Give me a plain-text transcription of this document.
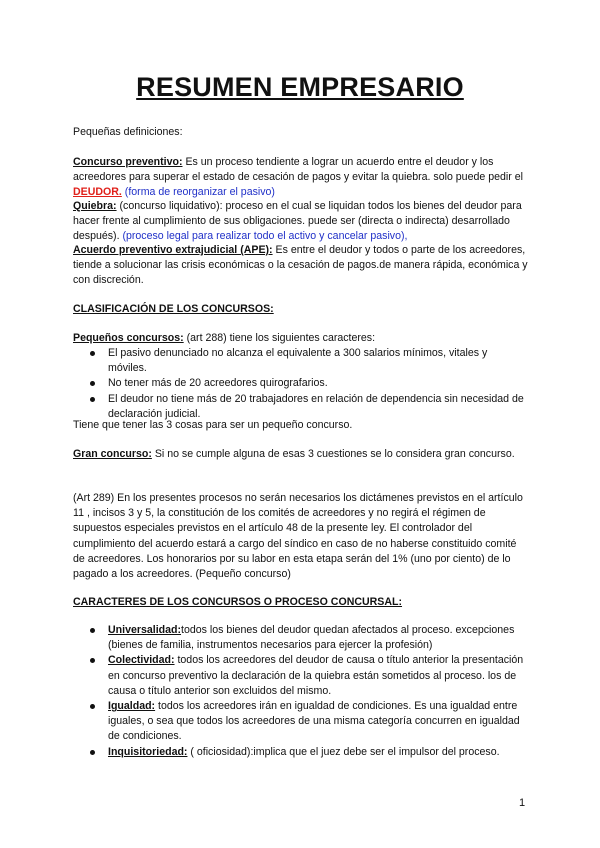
RESUMEN EMPRESARIO
Pequeñas definiciones:
Concurso preventivo: Es un proceso tendiente a lograr un acuerdo entre el deudor y los acreedores para superar el estado de cesación de pagos y evitar la quiebra. solo puede pedir el DEUDOR. (forma de reorganizar el pasivo)
Quiebra: (concurso liquidativo): proceso en el cual se liquidan todos los bienes del deudor para hacer frente al cumplimiento de sus obligaciones. puede ser (directa o indirecta) desarrollado después). (proceso legal para realizar todo el activo y cancelar pasivo),
Acuerdo preventivo extrajudicial (APE): Es entre el deudor y todos o parte de los acreedores, tiende a solucionar las crisis económicas o la cesación de pagos.de manera rápida, económica y con discreción.
CLASIFICACIÓN DE LOS CONCURSOS:
Pequeños concursos: (art 288) tiene los siguientes caracteres:
El pasivo denunciado no alcanza el equivalente a 300 salarios mínimos, vitales y móviles.
No tener más de 20 acreedores quirografarios.
El deudor no tiene más de 20 trabajadores en relación de dependencia sin necesidad de declaración judicial.
Tiene que tener las 3 cosas para ser un pequeño concurso.
Gran concurso: Si no se cumple alguna de esas 3 cuestiones se lo considera gran concurso.
(Art 289) En los presentes procesos no serán necesarios los dictámenes previstos en el artículo 11 , incisos 3 y 5, la constitución de los comités de acreedores y no regirá el régimen de supuestos especiales previstos en el artículo 48 de la presente ley. El controlador del cumplimiento del acuerdo estará a cargo del síndico en caso de no haberse constituido comité de acreedores. Los honorarios por su labor en esta etapa serán del 1% (uno por ciento) de lo pagado a los acreedores. (Pequeño concurso)
CARACTERES DE LOS CONCURSOS O PROCESO CONCURSAL:
Universalidad:todos los bienes del deudor quedan afectados al proceso. excepciones (bienes de familia, instrumentos necesarios para ejercer la profesión)
Colectividad: todos los acreedores del deudor de causa o título anterior la presentación en concurso preventivo la declaración de la quiebra están sometidos al proceso. los de causa o título anterior son excluidos del mismo.
Igualdad: todos los acreedores irán en igualdad de condiciones. Es una igualdad entre iguales, o sea que todos los acreedores de una misma categoría concurren en igualdad de condiciones.
Inquisitoriedad: ( oficiosidad):implica que el juez debe ser el impulsor del proceso.
1
